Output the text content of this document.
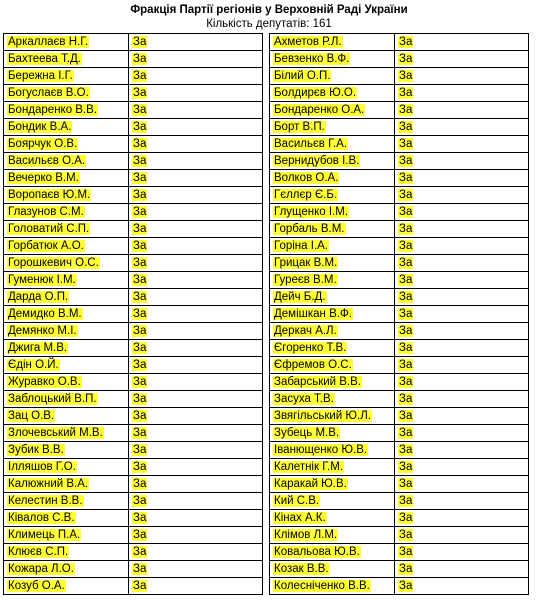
Фракція Партії регіонів у Верховній Раді України
Кількість депутатів: 161
Аркаллаєв Н.Г.	За
Бахтеева Т.Д.	За
Бережна І.Г.	За
Богуслаєв В.О.	За
Бондаренко В.В.	За
Бондик В.А.	За
Боярчук О.В.	За
Васильєв О.А.	За
Вечерко В.М.	За
Воропаєв Ю.М.	За
Глазунов С.М.	За
Головатий С.П.	За
Горбатюк А.О.	За
Горошкевич О.С.	За
Гуменюк І.М.	За
Дарда О.П.	За
Демидко В.М.	За
Демянко М.І.	За
Джига М.В.	За
Єдін О.Й.	За
Журавко О.В.	За
Заблоцький В.П.	За
Зац О.В.	За
Злочевський М.В.	За
Зубик В.В.	За
Ілляшов Г.О.	За
Калюжний В.А.	За
Келестин В.В.	За
Ківалов С.В.	За
Климець П.А.	За
Клюєв С.П.	За
Кожара Л.О.	За
Козуб О.А.	За
Ахметов Р.Л.	За
Бевзенко В.Ф.	За
Білий О.П.	За
Болдирєв Ю.О.	За
Бондаренко О.А.	За
Борт В.П.	За
Васильєв Г.А.	За
Вернидубов І.В.	За
Волков О.А.	За
Гєллєр Є.Б.	За
Глущенко І.М.	За
Горбаль В.М.	За
Горіна І.А.	За
Грицак В.М.	За
Гуреєв В.М.	За
Дейч Б.Д.	За
Демішкан В.Ф.	За
Деркач А.Л.	За
Єгоренко Т.В.	За
Єфремов О.С.	За
Забарський В.В.	За
Засуха Т.В.	За
Звягільський Ю.Л.	За
Зубець М.В.	За
Іванющенко Ю.В.	За
Калетнік Г.М.	За
Каракай Ю.В.	За
Кий С.В.	За
Кінах А.К.	За
Клімов Л.М.	За
Ковальова Ю.В.	За
Козак В.В.	За
Колесніченко В.В.	За
